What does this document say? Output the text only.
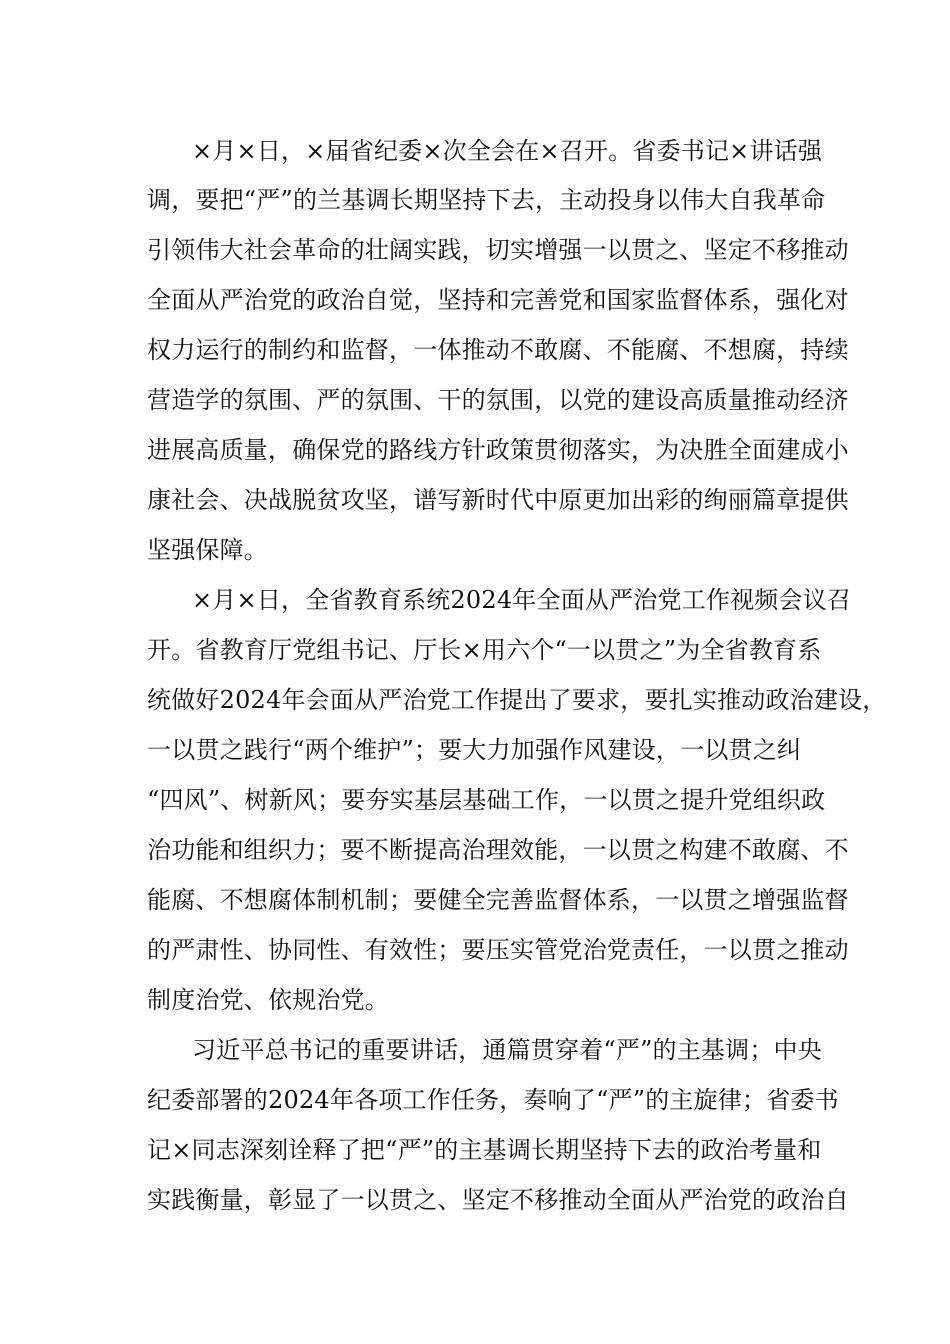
×月×日，×届省纪委×次全会在×召开。省委书记×讲话强
调，要把“严”的兰基调长期坚持下去，主动投身以伟大自我革命
引领伟大社会革命的壮阔实践，切实增强一以贯之、坚定不移推动
全面从严治党的政治自觉，坚持和完善党和国家监督体系，强化对
权力运行的制约和监督，一体推动不敢腐、不能腐、不想腐，持续
营造学的氛围、严的氛围、干的氛围，以党的建设高质量推动经济
进展高质量，确保党的路线方针政策贯彻落实，为决胜全面建成小
康社会、决战脱贫攻坚，谱写新时代中原更加出彩的绚丽篇章提供
坚强保障。
×月×日，全省教育系统2024年全面从严治党工作视频会议召
开。省教育厅党组书记、厅长×用六个“一以贯之”为全省教育系
统做好2024年会面从严治党工作提出了要求，要扎实推动政治建设，
一以贯之践行“两个维护”；要大力加强作风建设，一以贯之纠
“四风”、树新风；要夯实基层基础工作，一以贯之提升党组织政
治功能和组织力；要不断提高治理效能，一以贯之构建不敢腐、不
能腐、不想腐体制机制；要健全完善监督体系，一以贯之增强监督
的严肃性、协同性、有效性；要压实管党治党责任，一以贯之推动
制度治党、依规治党。
习近平总书记的重要讲话，通篇贯穿着“严”的主基调；中央
纪委部署的2024年各项工作任务，奏响了“严”的主旋律；省委书
记×同志深刻诠释了把“严”的主基调长期坚持下去的政治考量和
实践衡量，彰显了一以贯之、坚定不移推动全面从严治党的政治自
